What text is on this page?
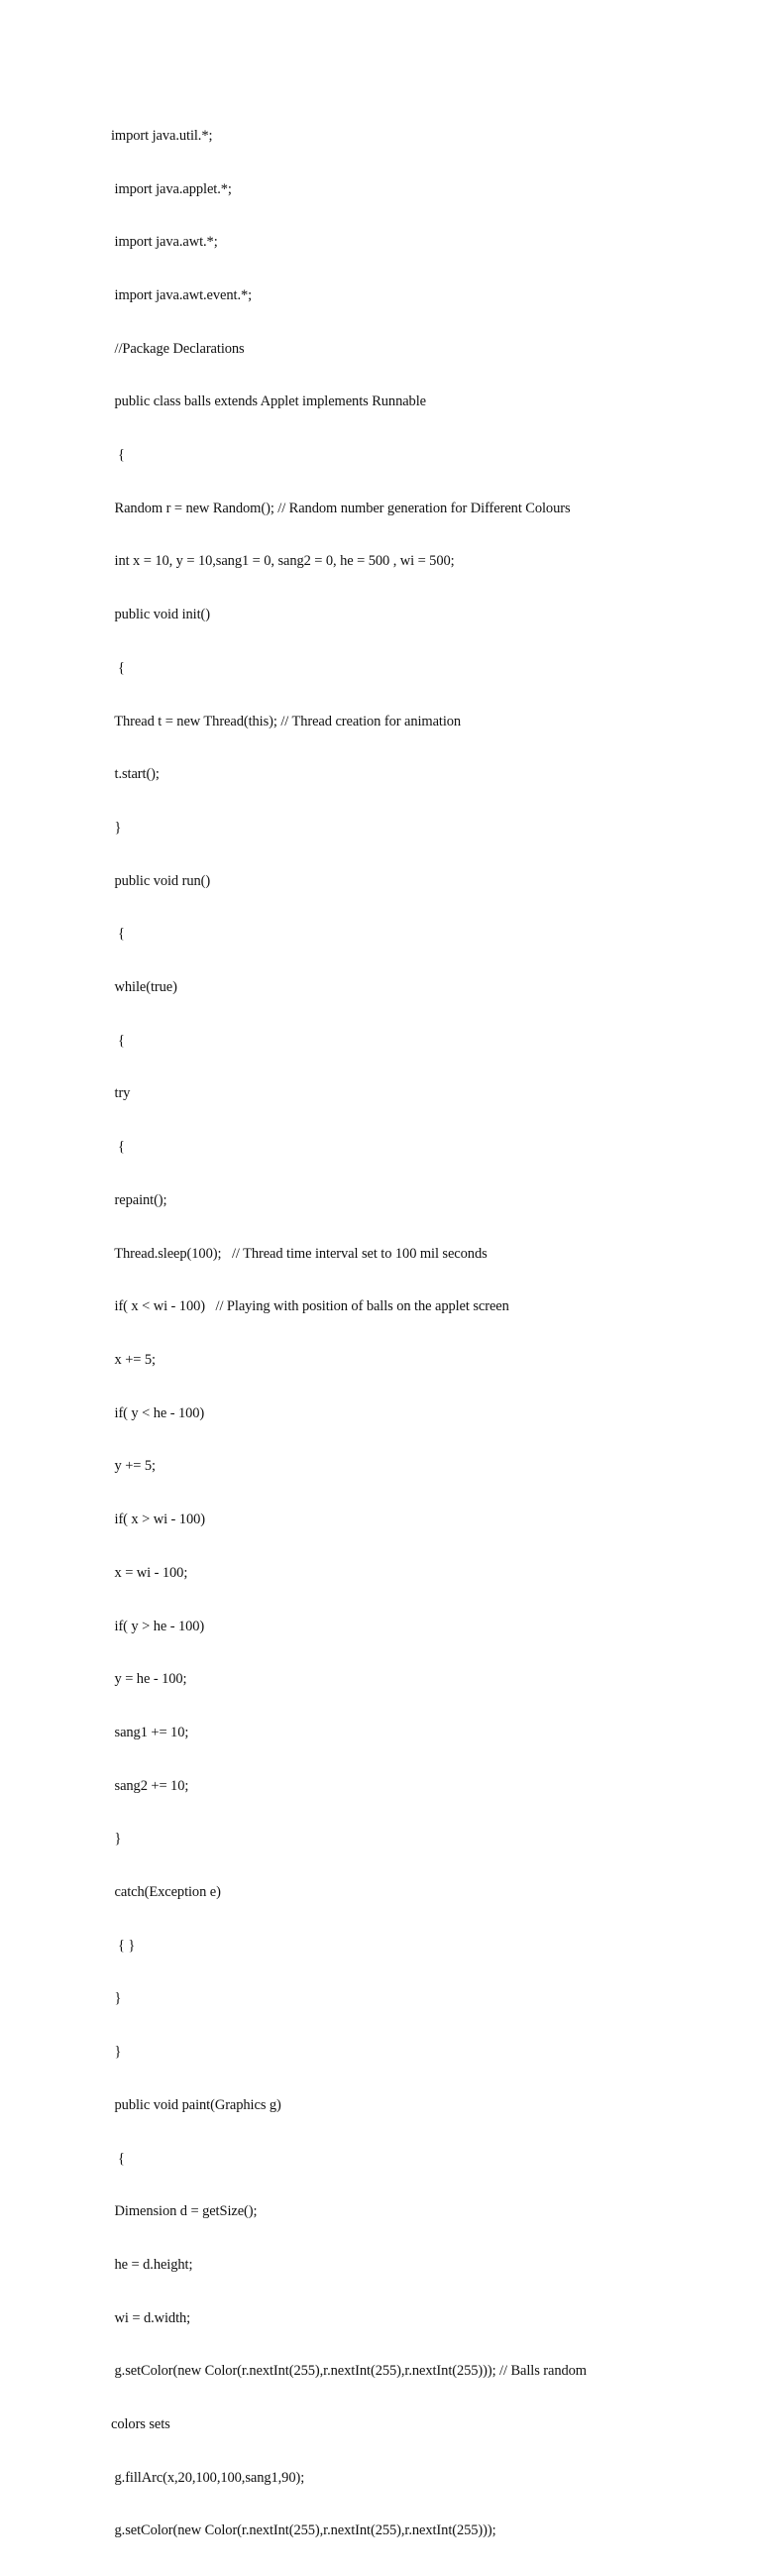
import java.util.*;

import java.applet.*;

import java.awt.*;

import java.awt.event.*;

//Package Declarations

public class balls extends Applet implements Runnable

{

Random r = new Random(); // Random number generation for Different Colours

int x = 10, y = 10,sang1 = 0, sang2 = 0, he = 500 , wi = 500;

public void init()

{

Thread t = new Thread(this); // Thread creation for animation

t.start();

}

public void run()

{

while(true)

{

try

{

repaint();

Thread.sleep(100);   // Thread time interval set to 100 mil seconds

if( x < wi - 100)   // Playing with position of balls on the applet screen

x += 5;

if( y < he - 100)

y += 5;

if( x > wi - 100)

x = wi - 100;

if( y > he - 100)

y = he - 100;

sang1 += 10;

sang2 += 10;

}

catch(Exception e)

{ }

}

}

public void paint(Graphics g)

{

Dimension d = getSize();

he = d.height;

wi = d.width;

g.setColor(new Color(r.nextInt(255),r.nextInt(255),r.nextInt(255))); // Balls random

colors sets

g.fillArc(x,20,100,100,sang1,90);

g.setColor(new Color(r.nextInt(255),r.nextInt(255),r.nextInt(255)));
